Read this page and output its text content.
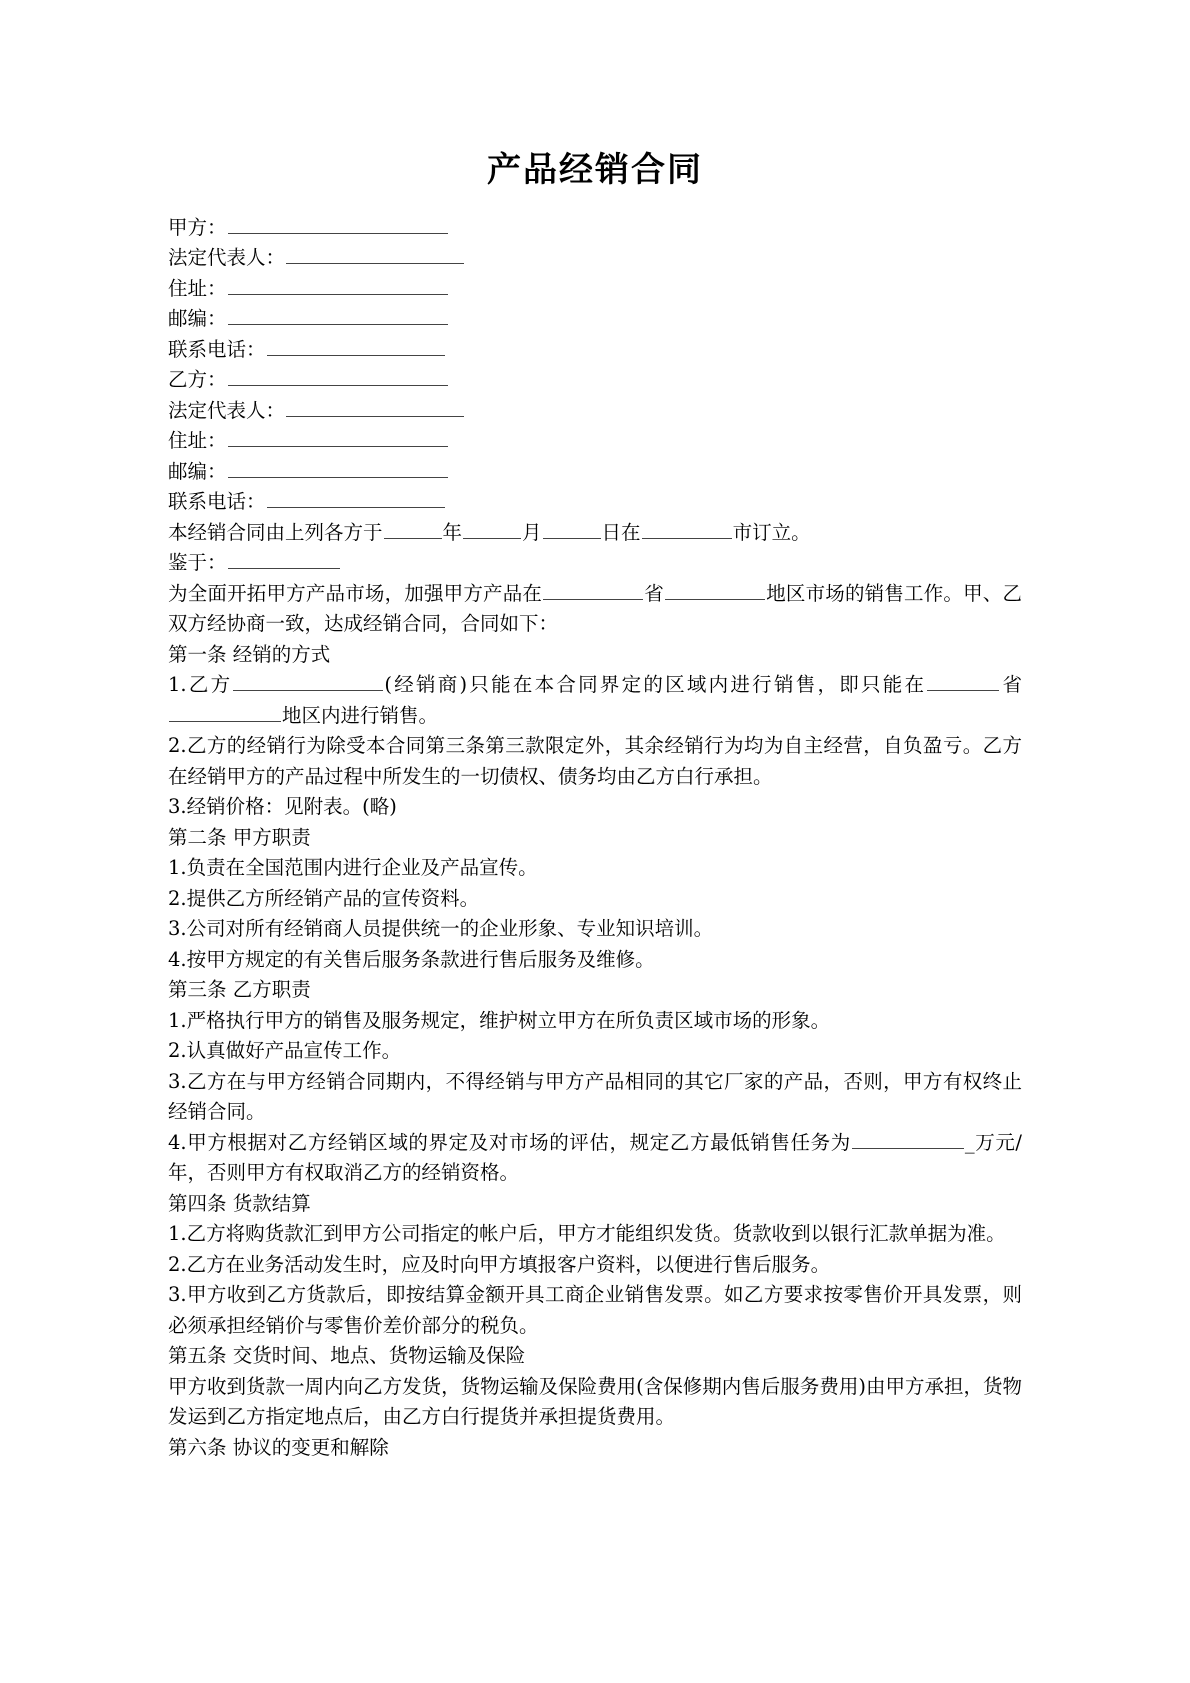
产品经销合同
甲方：
法定代表人：
住址：
邮编：
联系电话：
乙方：
法定代表人：
住址：
邮编：
联系电话：
本经销合同由上列各方于	年	月	日在	市订立。
鉴于：

为全面开拓甲方产品市场，加强甲方产品在	省	地区市场的销售工作。甲、乙双方经协商一致，达成经销合同，合同如下：

第一条 经销的方式

1.乙方	(经销商)只能在本合同界定的区域内进行销售，即只能在	省地区内进行销售。

2.乙方的经销行为除受本合同第三条第三款限定外，其余经销行为均为自主经营，自负盈亏。乙方在经销甲方的产品过程中所发生的一切债权、债务均由乙方白行承担。

3.经销价格：见附表。(略)

第二条 甲方职责

1.负责在全国范围内进行企业及产品宣传。

2.提供乙方所经销产品的宣传资料。

3.公司对所有经销商人员提供统一的企业形象、专业知识培训。

4.按甲方规定的有关售后服务条款进行售后服务及维修。

第三条 乙方职责

1.严格执行甲方的销售及服务规定，维护树立甲方在所负责区域市场的形象。

2.认真做好产品宣传工作。

3.乙方在与甲方经销合同期内，不得经销与甲方产品相同的其它厂家的产品，否则，甲方有权终止经销合同。

4.甲方根据对乙方经销区域的界定及对市场的评估，规定乙方最低销售任务为	_万元/年，否则甲方有权取消乙方的经销资格。

第四条 货款结算

1.乙方将购货款汇到甲方公司指定的帐户后，甲方才能组织发货。货款收到以银行汇款单据为准。

2.乙方在业务活动发生时，应及时向甲方填报客户资料，以便进行售后服务。

3.甲方收到乙方货款后，即按结算金额开具工商企业销售发票。如乙方要求按零售价开具发票，则必须承担经销价与零售价差价部分的税负。

第五条 交货时间、地点、货物运输及保险

甲方收到货款一周内向乙方发货，货物运输及保险费用(含保修期内售后服务费用)由甲方承担，货物发运到乙方指定地点后，由乙方白行提货并承担提货费用。

第六条 协议的变更和解除
